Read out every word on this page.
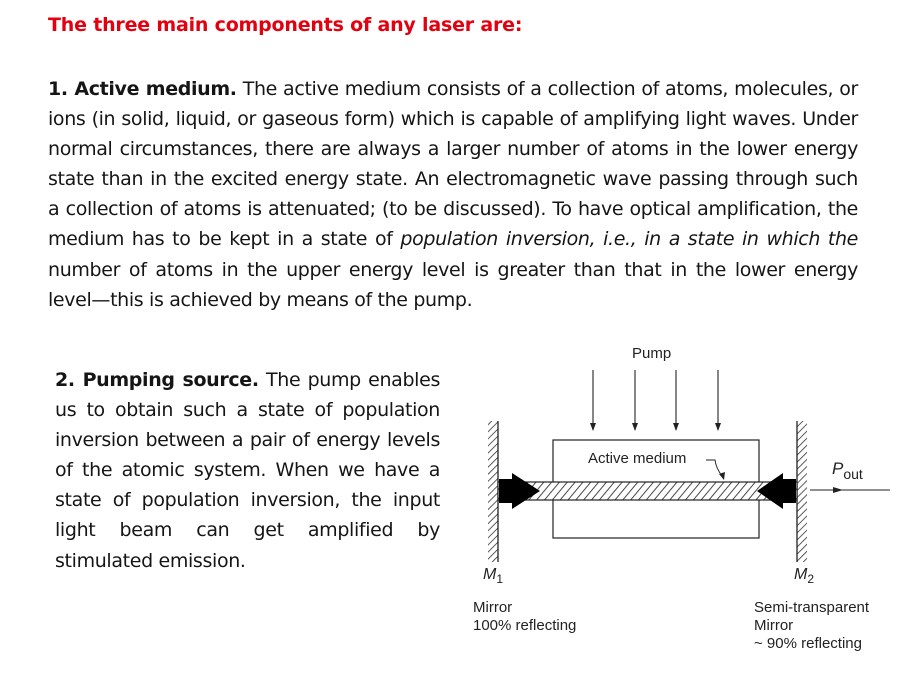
The three main components of any laser are:
1. Active medium. The active medium consists of a collection of atoms, molecules, or ions (in solid, liquid, or gaseous form) which is capable of amplifying light waves. Under normal circumstances, there are always a larger number of atoms in the lower energy state than in the excited energy state. An electromagnetic wave passing through such a collection of atoms is attenuated; (to be discussed). To have optical amplification, the medium has to be kept in a state of population inversion, i.e., in a state in which the number of atoms in the upper energy level is greater than that in the lower energy level—this is achieved by means of the pump.
2. Pumping source. The pump enables us to obtain such a state of population inversion between a pair of energy levels of the atomic system. When we have a state of population inversion, the input light beam can get amplified by stimulated emission.
Pump
Active medium
$P_{out}$
$M_1$	$M_2$
Mirror
100% reflecting
Semi-transparent
Mirror
~ 90% reflecting
